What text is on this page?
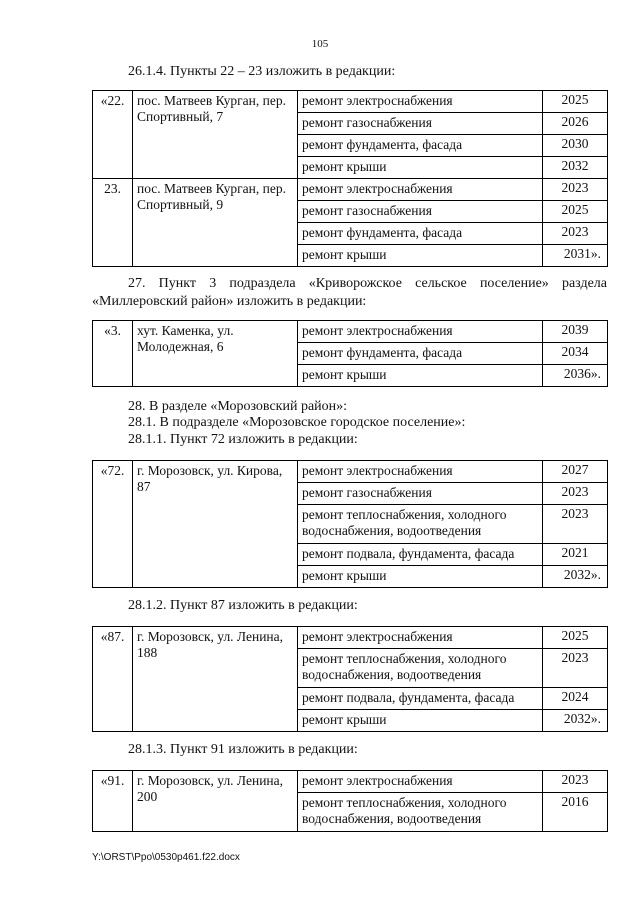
105
26.1.4. Пункты 22 – 23 изложить в редакции:
«22.	пос. Матвеев Курган, пер. Спортивный, 7	ремонт электроснабжения	2025
		ремонт газоснабжения	2026
		ремонт фундамента, фасада	2030
		ремонт крыши	2032
23.	пос. Матвеев Курган, пер. Спортивный, 9	ремонт электроснабжения	2023
		ремонт газоснабжения	2025
		ремонт фундамента, фасада	2023
		ремонт крыши	2031».
27. Пункт 3 подраздела «Криворожское сельское поселение» раздела «Миллеровский район» изложить в редакции:
«3.	хут. Каменка, ул. Молодежная, 6	ремонт электроснабжения	2039
		ремонт фундамента, фасада	2034
		ремонт крыши	2036».
28. В разделе «Морозовский район»:
28.1. В подразделе «Морозовское городское поселение»:
28.1.1. Пункт 72 изложить в редакции:
«72.	г. Морозовск, ул. Кирова, 87	ремонт электроснабжения	2027
		ремонт газоснабжения	2023
		ремонт теплоснабжения, холодного водоснабжения, водоотведения	2023
		ремонт подвала, фундамента, фасада	2021
		ремонт крыши	2032».
28.1.2. Пункт 87 изложить в редакции:
«87.	г. Морозовск, ул. Ленина, 188	ремонт электроснабжения	2025
		ремонт теплоснабжения, холодного водоснабжения, водоотведения	2023
		ремонт подвала, фундамента, фасада	2024
		ремонт крыши	2032».
28.1.3. Пункт 91 изложить в редакции:
«91.	г. Морозовск, ул. Ленина, 200	ремонт электроснабжения	2023
		ремонт теплоснабжения, холодного водоснабжения, водоотведения	2016
Y:\ORST\Ppo\0530p461.f22.docx
